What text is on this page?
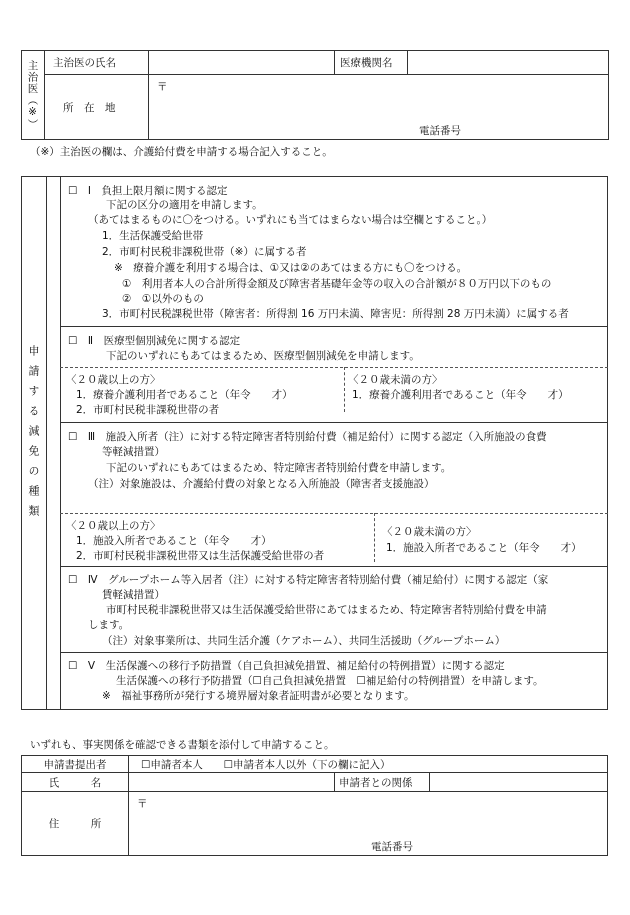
主治医（※）	主治医の氏名		医療機関名	
	所　在　地	〒
電話番号		
（※）主治医の欄は、介護給付費を申請する場合記入すること。
申請する減免の種類
☐　Ⅰ　負担上限月額に関する認定
下記の区分の適用を申請します。
（あてはまるものに〇をつける。いずれにも当てはまらない場合は空欄とすること。）
1．生活保護受給世帯
2．市町村民税非課税世帯（※）に属する者
※　療養介護を利用する場合は、①又は②のあてはまる方にも〇をつける。
①　利用者本人の合計所得金額及び障害者基礎年金等の収入の合計額が８０万円以下のもの
②　①以外のもの
3．市町村民税課税世帯（障害者：所得割 16 万円未満、障害児：所得割 28 万円未満）に属する者
☐　Ⅱ　医療型個別減免に関する認定
下記のいずれにもあてはまるため、医療型個別減免を申請します。
〈２０歳以上の方〉
1．療養介護利用者であること（年令　　才）
2．市町村民税非課税世帯の者
〈２０歳未満の方〉
1．療養介護利用者であること（年令　　才）
☐　Ⅲ　施設入所者（注）に対する特定障害者特別給付費（補足給付）に関する認定（入所施設の食費
等軽減措置）
下記のいずれにもあてはまるため、特定障害者特別給付費を申請します。
（注）対象施設は、介護給付費の対象となる入所施設（障害者支援施設）
〈２０歳以上の方〉
1．施設入所者であること（年令　　才）
2．市町村民税非課税世帯又は生活保護受給世帯の者
〈２０歳未満の方〉
1．施設入所者であること（年令　　才）
☐　Ⅳ　グループホーム等入居者（注）に対する特定障害者特別給付費（補足給付）に関する認定（家
賃軽減措置）
市町村民税非課税世帯又は生活保護受給世帯にあてはまるため、特定障害者特別給付費を申請
します。
（注）対象事業所は、共同生活介護（ケアホーム）、共同生活援助（グループホーム）
☐　Ⅴ　生活保護への移行予防措置（自己負担減免措置、補足給付の特例措置）に関する認定
生活保護への移行予防措置（☐自己負担減免措置　☐補足給付の特例措置）を申請します。
※　福祉事務所が発行する境界層対象者証明書が必要となります。
いずれも、事実関係を確認できる書類を添付して申請すること。
申請書提出者	☐申請者本人 ☐申請者本人以外（下の欄に記入）		
氏　　　名		申請者との関係	
住　　　所	〒
電話番号		
